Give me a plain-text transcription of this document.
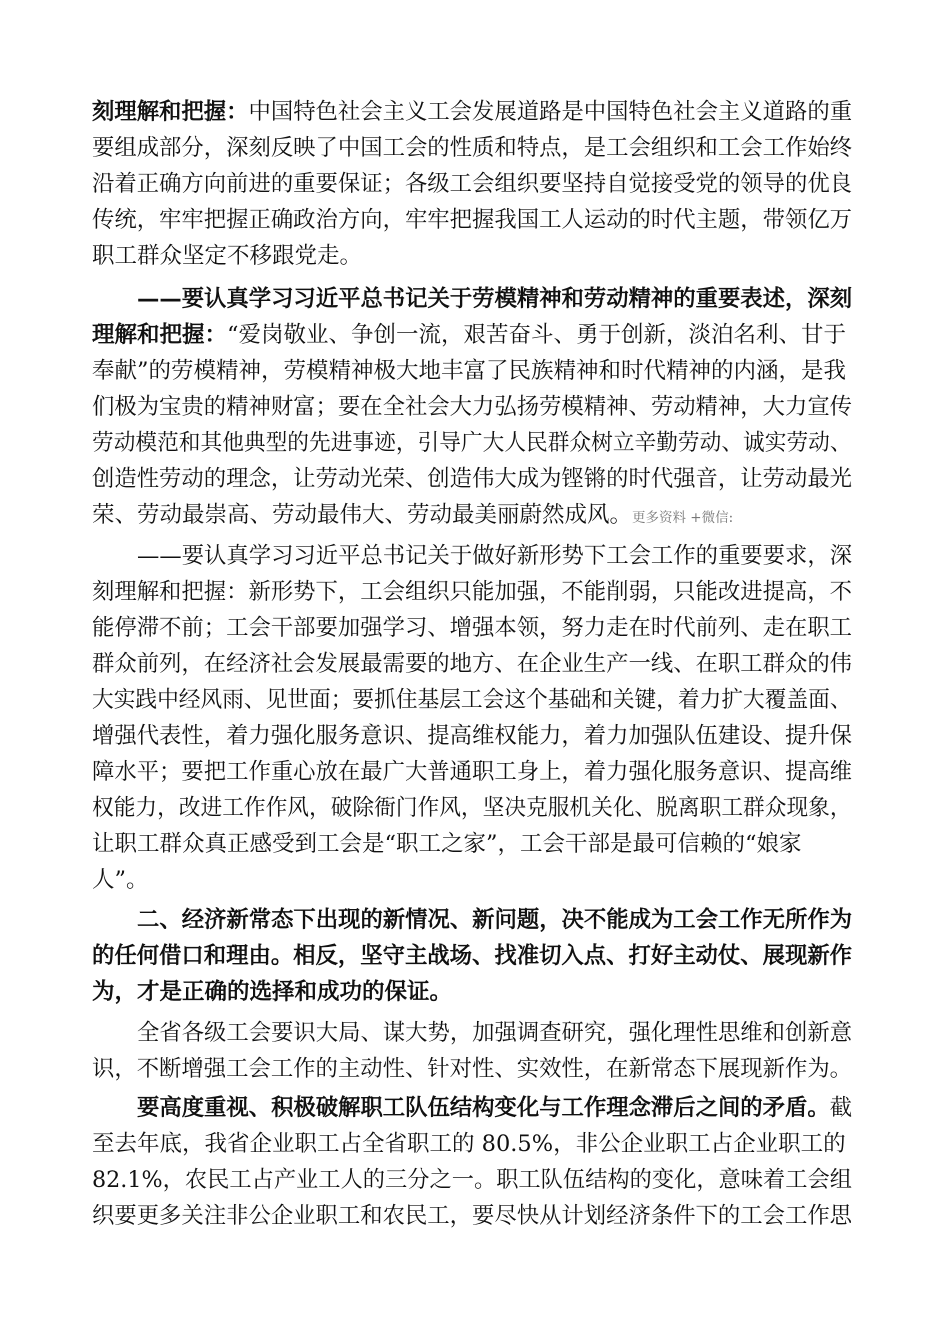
刻理解和把握：中国特色社会主义工会发展道路是中国特色社会主义道路的重
要组成部分，深刻反映了中国工会的性质和特点，是工会组织和工会工作始终
沿着正确方向前进的重要保证；各级工会组织要坚持自觉接受党的领导的优良
传统，牢牢把握正确政治方向，牢牢把握我国工人运动的时代主题，带领亿万
职工群众坚定不移跟党走。
——要认真学习习近平总书记关于劳模精神和劳动精神的重要表述，深刻
理解和把握：“爱岗敬业、争创一流，艰苦奋斗、勇于创新，淡泊名利、甘于
奉献”的劳模精神，劳模精神极大地丰富了民族精神和时代精神的内涵，是我
们极为宝贵的精神财富；要在全社会大力弘扬劳模精神、劳动精神，大力宣传
劳动模范和其他典型的先进事迹，引导广大人民群众树立辛勤劳动、诚实劳动、
创造性劳动的理念，让劳动光荣、创造伟大成为铿锵的时代强音，让劳动最光
荣、劳动最崇高、劳动最伟大、劳动最美丽蔚然成风。更多资料 +微信:
——要认真学习习近平总书记关于做好新形势下工会工作的重要要求，深
刻理解和把握：新形势下，工会组织只能加强，不能削弱，只能改进提高，不
能停滞不前；工会干部要加强学习、增强本领，努力走在时代前列、走在职工
群众前列，在经济社会发展最需要的地方、在企业生产一线、在职工群众的伟
大实践中经风雨、见世面；要抓住基层工会这个基础和关键，着力扩大覆盖面、
增强代表性，着力强化服务意识、提高维权能力，着力加强队伍建设、提升保
障水平；要把工作重心放在最广大普通职工身上，着力强化服务意识、提高维
权能力，改进工作作风，破除衙门作风，坚决克服机关化、脱离职工群众现象，
让职工群众真正感受到工会是“职工之家”，工会干部是最可信赖的“娘家
人”。
二、经济新常态下出现的新情况、新问题，决不能成为工会工作无所作为
的任何借口和理由。相反，坚守主战场、找准切入点、打好主动仗、展现新作
为，才是正确的选择和成功的保证。
全省各级工会要识大局、谋大势，加强调查研究，强化理性思维和创新意
识，不断增强工会工作的主动性、针对性、实效性，在新常态下展现新作为。
要高度重视、积极破解职工队伍结构变化与工作理念滞后之间的矛盾。截
至去年底，我省企业职工占全省职工的 80.5%，非公企业职工占企业职工的
82.1%，农民工占产业工人的三分之一。职工队伍结构的变化，意味着工会组
织要更多关注非公企业职工和农民工，要尽快从计划经济条件下的工会工作思
